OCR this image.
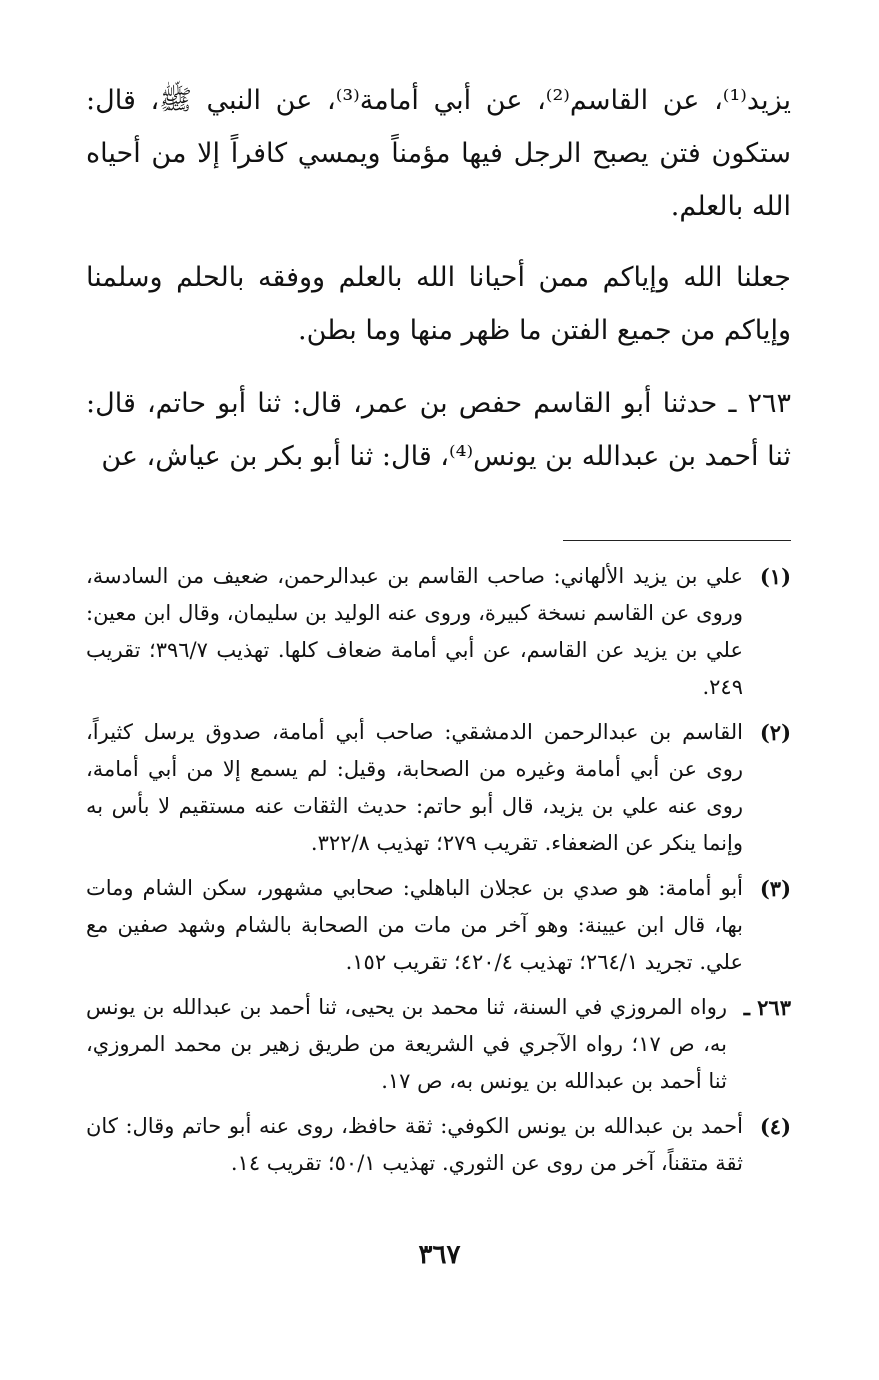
يزيد⁽¹⁾، عن القاسم⁽²⁾، عن أبي أمامة⁽³⁾، عن النبي ﷺ، قال: ستكون فتن يصبح الرجل فيها مؤمناً ويمسي كافراً إلا من أحياه الله بالعلم.

جعلنا الله وإياكم ممن أحيانا الله بالعلم ووفقه بالحلم وسلمنا وإياكم من جميع الفتن ما ظهر منها وما بطن.

٢٦٣ ـ حدثنا أبو القاسم حفص بن عمر، قال: ثنا أبو حاتم، قال: ثنا أحمد بن عبدالله بن يونس⁽⁴⁾، قال: ثنا أبو بكر بن عياش، عن

(١)
علي بن يزيد الألهاني: صاحب القاسم بن عبدالرحمن، ضعيف من السادسة، وروى عن القاسم نسخة كبيرة، وروى عنه الوليد بن سليمان، وقال ابن معين: علي بن يزيد عن القاسم، عن أبي أمامة ضعاف كلها. تهذيب ٣٩٦/٧؛ تقريب ٢٤٩.
(٢)
القاسم بن عبدالرحمن الدمشقي: صاحب أبي أمامة، صدوق يرسل كثيراً، روى عن أبي أمامة وغيره من الصحابة، وقيل: لم يسمع إلا من أبي أمامة، روى عنه علي بن يزيد، قال أبو حاتم: حديث الثقات عنه مستقيم لا بأس به وإنما ينكر عن الضعفاء. تقريب ٢٧٩؛ تهذيب ٣٢٢/٨.
(٣)
أبو أمامة: هو صدي بن عجلان الباهلي: صحابي مشهور، سكن الشام ومات بها، قال ابن عيينة: وهو آخر من مات من الصحابة بالشام وشهد صفين مع علي. تجريد ٢٦٤/١؛ تهذيب ٤٢٠/٤؛ تقريب ١٥٢.
٢٦٣ ـ
رواه المروزي في السنة، ثنا محمد بن يحيى، ثنا أحمد بن عبدالله بن يونس به، ص ١٧؛ رواه الآجري في الشريعة من طريق زهير بن محمد المروزي، ثنا أحمد بن عبدالله بن يونس به، ص ١٧.
(٤)
أحمد بن عبدالله بن يونس الكوفي: ثقة حافظ، روى عنه أبو حاتم وقال: كان ثقة متقناً، آخر من روى عن الثوري. تهذيب ٥٠/١؛ تقريب ١٤.
٣٦٧
